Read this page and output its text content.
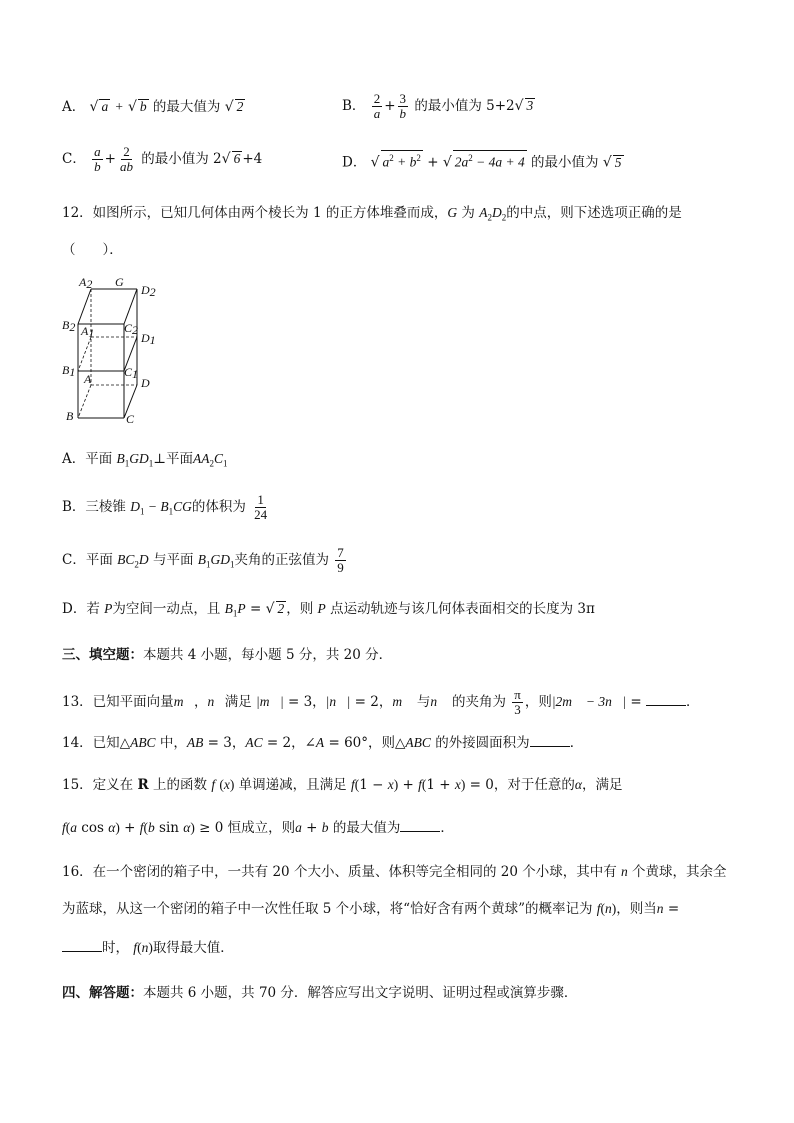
A． √ a + √ b 的最大值为 √ 2	B． $\frac{2}{a} + \frac{3}{b}$ 的最小值为 5+2√ 3
C． $\frac{a}{b} + \frac{2}{ab}$ 的最小值为 2√ 6 +4	D． √ $a^2 + b^2$ + √ $2a^2 - 4a + 4$ 的最小值为 √ 5
12．如图所示，已知几何体由两个棱长为 1 的正方体堆叠而成，G 为 $A_2D_2$的中点，则下述选项正确的是
（　　）．
A2 G
D2
B2 A1 C2
D1
B1 A	C1
D
B	C
A．平面 $B_1GD_1\perp$平面$AA_2C_1$
B．三棱锥 $D_1 - B_1CG$的体积为 $\frac{1}{24}$
C．平面 $BC_2D$ 与平面 $B_1GD_1$夹角的正弦值为 $\frac{7}{9}$
D．若 P为空间一动点，且 $B_1P$ = √ 2 ，则 P 点运动轨迹与该几何体表面相交的长度为 3π
三、填空题：本题共 4 小题，每小题 5 分，共 20 分．
13．已知平面向量m⃗，n⃗满足 |m⃗| = 3，|n⃗| = 2，m⃗ 与n⃗ 的夹角为 $\frac{\pi}{3}$ ，则|2m⃗ − 3n⃗| =	．
14．已知△ABC 中，AB = 3，AC = 2，∠A = 60°，则△ABC 的外接圆面积为	．
15．定义在 R 上的函数 f (x) 单调递减，且满足 f(1 − x) + f(1 + x) = 0，对于任意的α，满足
f(a cos α) + f(b sin α) ≥ 0 恒成立，则a + b 的最大值为	．
16．在一个密闭的箱子中，一共有 20 个大小、质量、体积等完全相同的 20 个小球，其中有 n 个黄球，其余全
为蓝球，从这一个密闭的箱子中一次性任取 5 个小球，将“恰好含有两个黄球”的概率记为 f(n)，则当n =
时， f(n)取得最大值．
四、解答题：本题共 6 小题，共 70 分．解答应写出文字说明、证明过程或演算步骤．
